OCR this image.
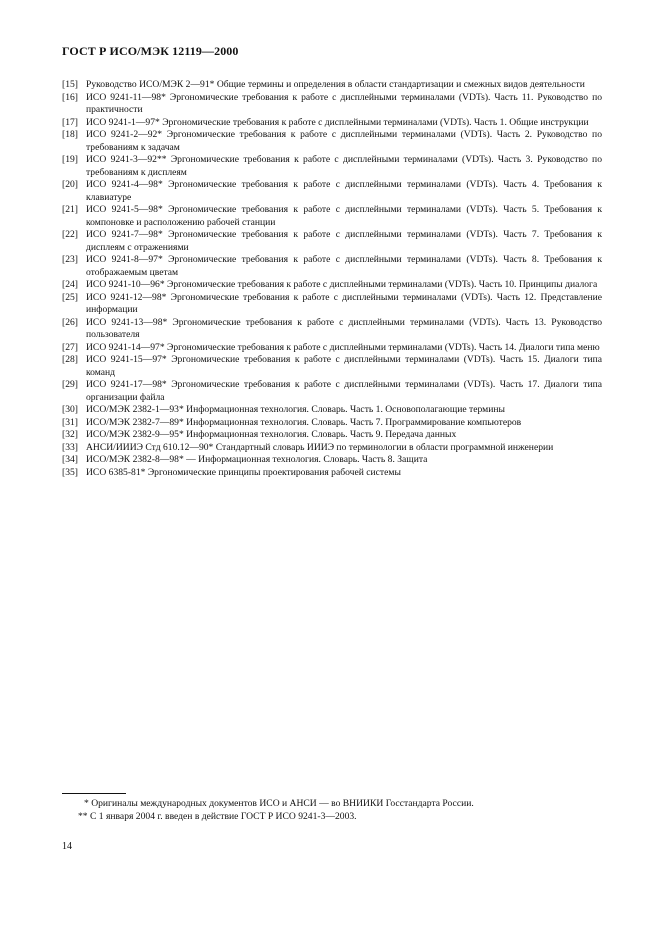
ГОСТ Р ИСО/МЭК 12119—2000
[15] Руководство ИСО/МЭК 2—91* Общие термины и определения в области стандартизации и смежных видов деятельности
[16] ИСО 9241-11—98* Эргономические требования к работе с дисплейными терминалами (VDTs). Часть 11. Руководство по практичности
[17] ИСО 9241-1—97* Эргономические требования к работе с дисплейными терминалами (VDTs). Часть 1. Общие инструкции
[18] ИСО 9241-2—92* Эргономические требования к работе с дисплейными терминалами (VDTs). Часть 2. Руководство по требованиям к задачам
[19] ИСО 9241-3—92** Эргономические требования к работе с дисплейными терминалами (VDTs). Часть 3. Руководство по требованиям к дисплеям
[20] ИСО 9241-4—98* Эргономические требования к работе с дисплейными терминалами (VDTs). Часть 4. Требования к клавиатуре
[21] ИСО 9241-5—98* Эргономические требования к работе с дисплейными терминалами (VDTs). Часть 5. Требования к компоновке и расположению рабочей станции
[22] ИСО 9241-7—98* Эргономические требования к работе с дисплейными терминалами (VDTs). Часть 7. Требования к дисплеям с отражениями
[23] ИСО 9241-8—97* Эргономические требования к работе с дисплейными терминалами (VDTs). Часть 8. Требования к отображаемым цветам
[24] ИСО 9241-10—96* Эргономические требования к работе с дисплейными терминалами (VDTs). Часть 10. Принципы диалога
[25] ИСО 9241-12—98* Эргономические требования к работе с дисплейными терминалами (VDTs). Часть 12. Представление информации
[26] ИСО 9241-13—98* Эргономические требования к работе с дисплейными терминалами (VDTs). Часть 13. Руководство пользователя
[27] ИСО 9241-14—97* Эргономические требования к работе с дисплейными терминалами (VDTs). Часть 14. Диалоги типа меню
[28] ИСО 9241-15—97* Эргономические требования к работе с дисплейными терминалами (VDTs). Часть 15. Диалоги типа команд
[29] ИСО 9241-17—98* Эргономические требования к работе с дисплейными терминалами (VDTs). Часть 17. Диалоги типа организации файла
[30] ИСО/МЭК 2382-1—93* Информационная технология. Словарь. Часть 1. Основополагающие термины
[31] ИСО/МЭК 2382-7—89* Информационная технология. Словарь. Часть 7. Программирование компьютеров
[32] ИСО/МЭК 2382-9—95* Информационная технология. Словарь. Часть 9. Передача данных
[33] АНСИ/ИИИЭ Стд 610.12—90* Стандартный словарь ИИИЭ по терминологии в области программной инженерии
[34] ИСО/МЭК 2382-8—98* — Информационная технология. Словарь. Часть 8. Защита
[35] ИСО 6385-81* Эргономические принципы проектирования рабочей системы
* Оригиналы международных документов ИСО и АНСИ — во ВНИИКИ Госстандарта России.
** С 1 января 2004 г. введен в действие ГОСТ Р ИСО 9241-3—2003.
14
